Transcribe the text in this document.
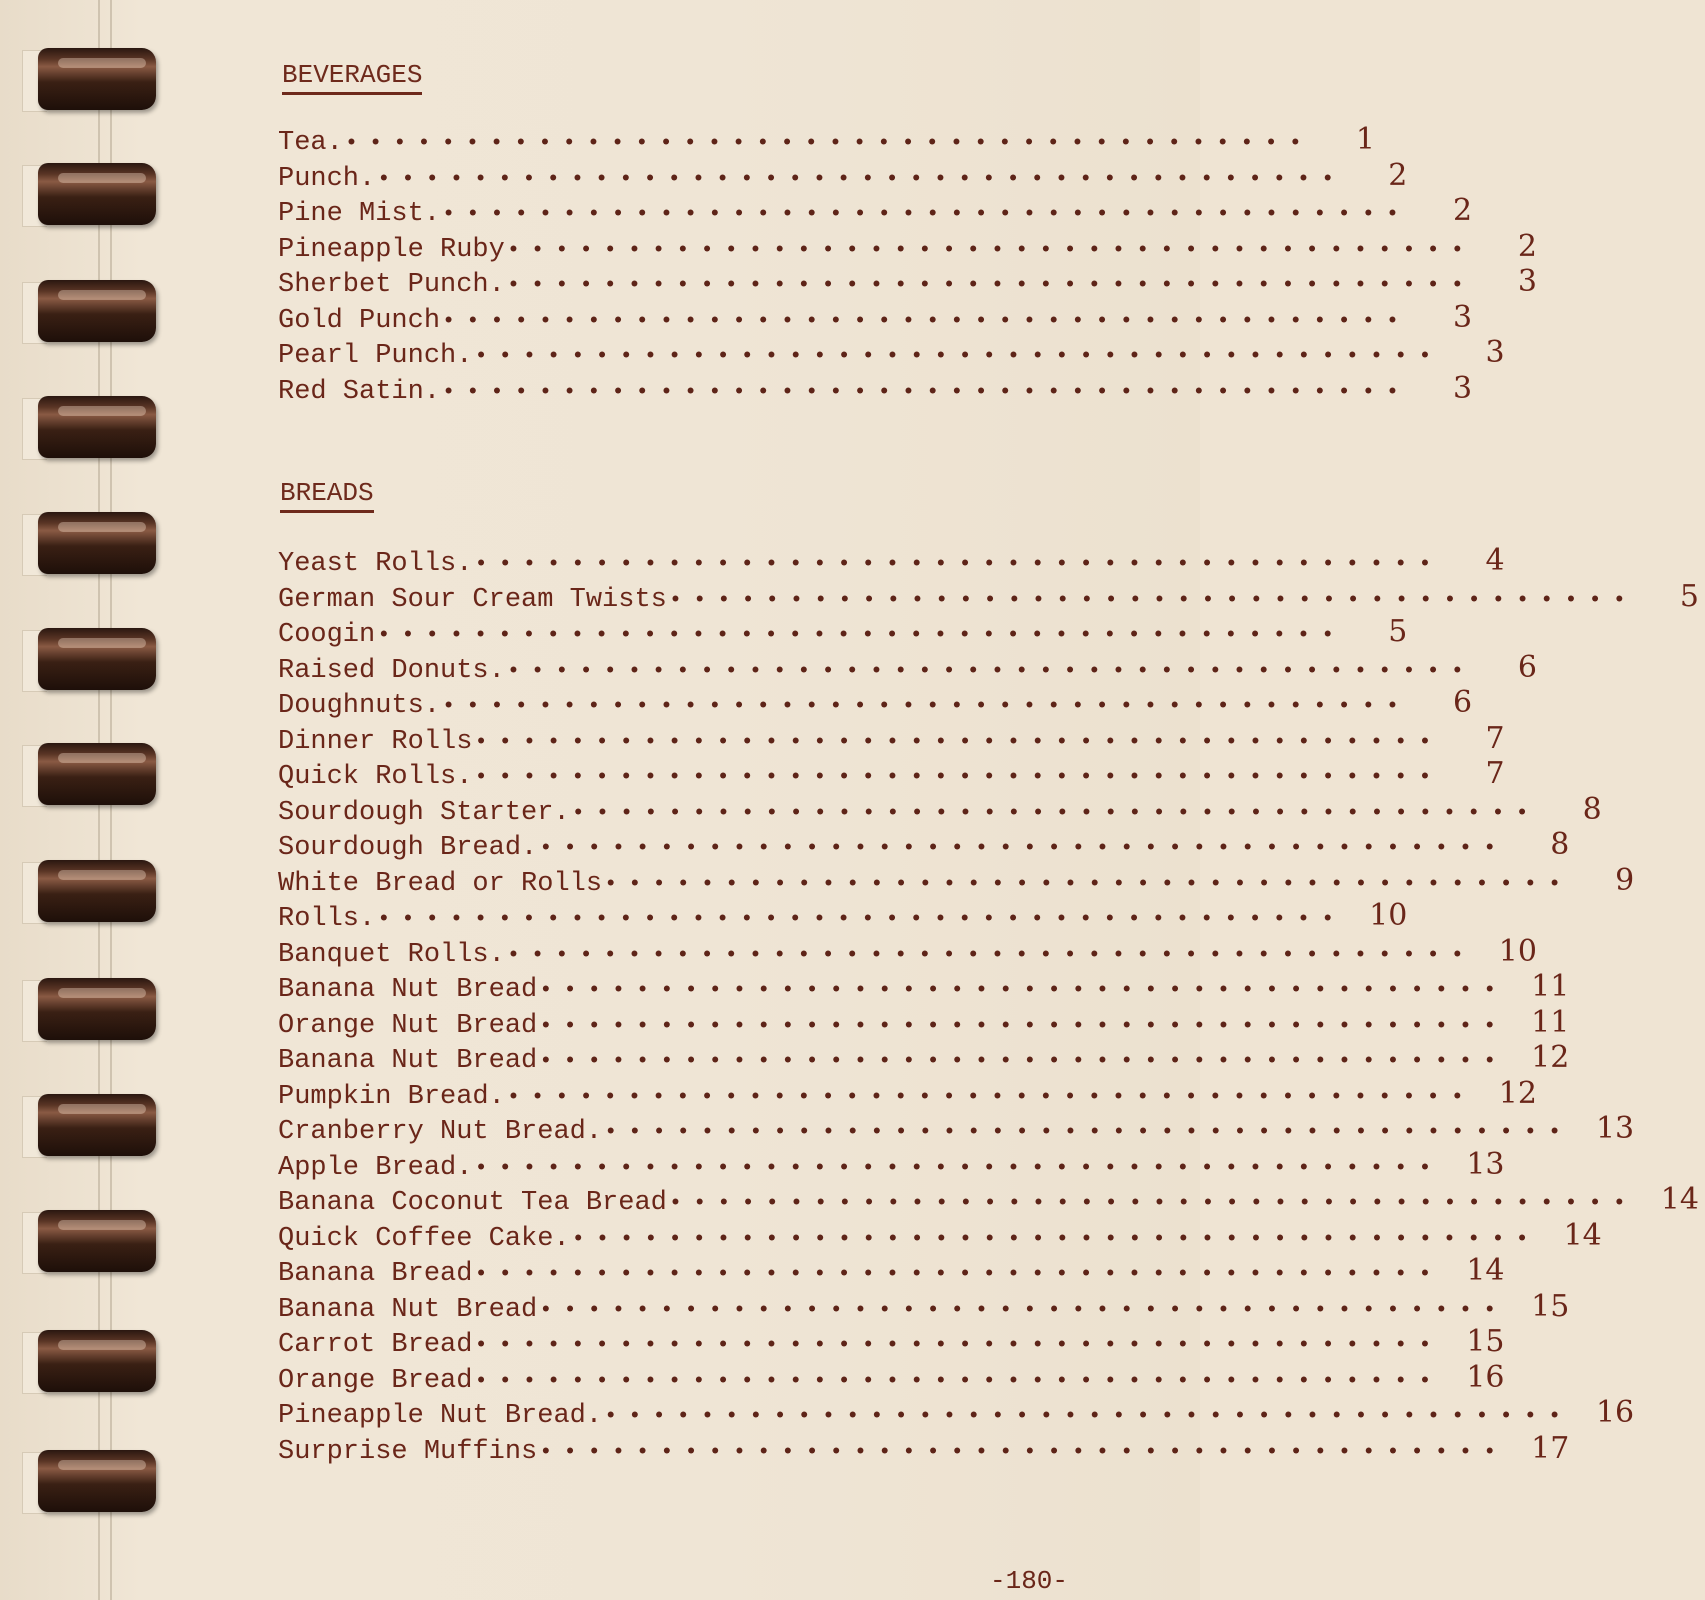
BEVERAGES
Tea. ••••••••••••••••••••••••••••••••••••••••	1
Punch. ••••••••••••••••••••••••••••••••••••••••	2
Pine Mist. ••••••••••••••••••••••••••••••••••••••••	2
Pineapple Ruby ••••••••••••••••••••••••••••••••••••••••	2
Sherbet Punch. ••••••••••••••••••••••••••••••••••••••••	3
Gold Punch ••••••••••••••••••••••••••••••••••••••••	3
Pearl Punch. ••••••••••••••••••••••••••••••••••••••••	3
Red Satin. ••••••••••••••••••••••••••••••••••••••••	3
BREADS
Yeast Rolls. ••••••••••••••••••••••••••••••••••••••••	4
German Sour Cream Twists ••••••••••••••••••••••••••••••••••••••••	5
Coogin ••••••••••••••••••••••••••••••••••••••••	5
Raised Donuts. ••••••••••••••••••••••••••••••••••••••••	6
Doughnuts. ••••••••••••••••••••••••••••••••••••••••	6
Dinner Rolls ••••••••••••••••••••••••••••••••••••••••	7
Quick Rolls. ••••••••••••••••••••••••••••••••••••••••	7
Sourdough Starter. ••••••••••••••••••••••••••••••••••••••••	8
Sourdough Bread. ••••••••••••••••••••••••••••••••••••••••	8
White Bread or Rolls ••••••••••••••••••••••••••••••••••••••••	9
Rolls. •••••••••••••••••••••••••••••••••••••••• 10
Banquet Rolls. •••••••••••••••••••••••••••••••••••••••• 10
Banana Nut Bread •••••••••••••••••••••••••••••••••••••••• 11
Orange Nut Bread •••••••••••••••••••••••••••••••••••••••• 11
Banana Nut Bread •••••••••••••••••••••••••••••••••••••••• 12
Pumpkin Bread. •••••••••••••••••••••••••••••••••••••••• 12
Cranberry Nut Bread. •••••••••••••••••••••••••••••••••••••••• 13
Apple Bread. •••••••••••••••••••••••••••••••••••••••• 13
Banana Coconut Tea Bread •••••••••••••••••••••••••••••••••••••••• 14
Quick Coffee Cake. •••••••••••••••••••••••••••••••••••••••• 14
Banana Bread •••••••••••••••••••••••••••••••••••••••• 14
Banana Nut Bread •••••••••••••••••••••••••••••••••••••••• 15
Carrot Bread •••••••••••••••••••••••••••••••••••••••• 15
Orange Bread •••••••••••••••••••••••••••••••••••••••• 16
Pineapple Nut Bread. •••••••••••••••••••••••••••••••••••••••• 16
Surprise Muffins •••••••••••••••••••••••••••••••••••••••• 17
-180-
